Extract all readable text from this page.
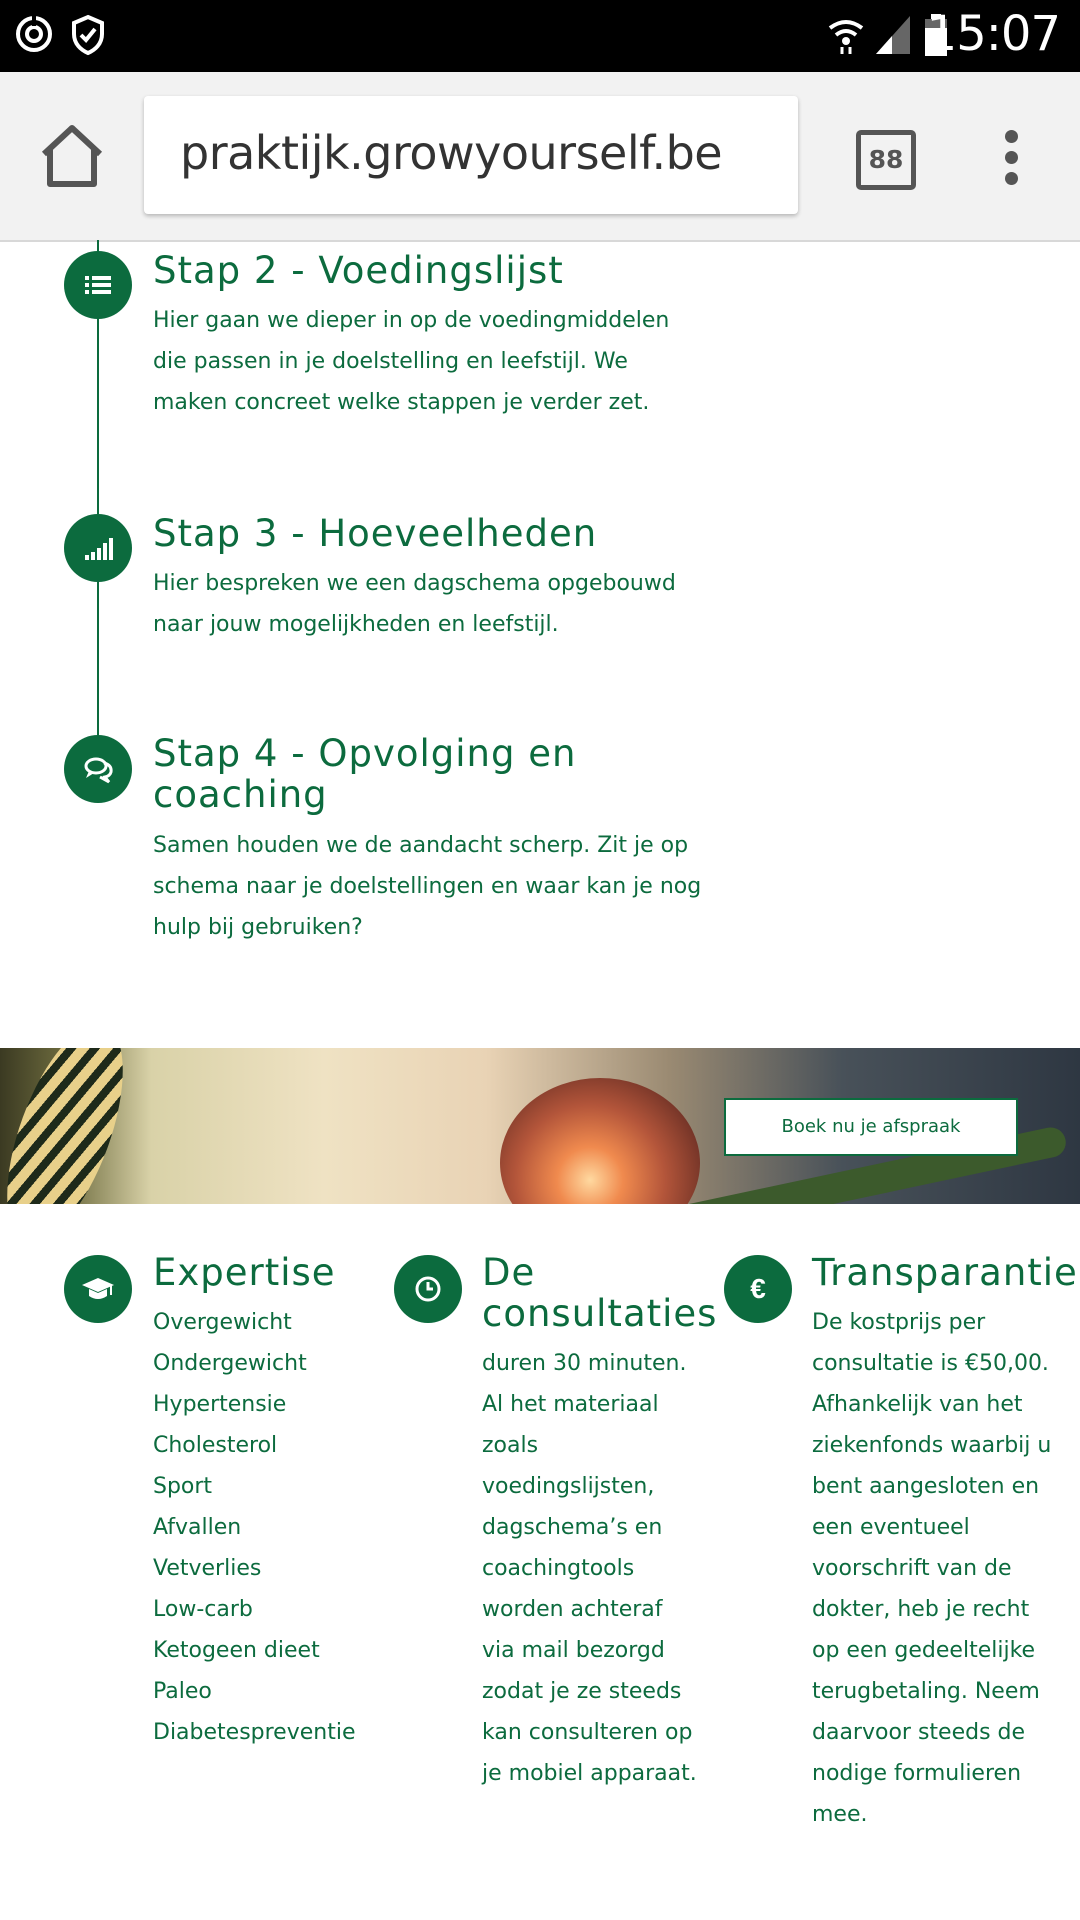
15:07
praktijk.growyourself.be	88
Stap 2 - Voedingslijst
Hier gaan we dieper in op de voedingmiddelen die passen in je doelstelling en leefstijl. We maken concreet welke stappen je verder zet.
Stap 3 - Hoeveelheden
Hier bespreken we een dagschema opgebouwd naar jouw mogelijkheden en leefstijl.
Stap 4 - Opvolging en
coaching
Samen houden we de aandacht scherp. Zit je op schema naar je doelstellingen en waar kan je nog hulp bij gebruiken?
Boek nu je afspraak
Expertise
Overgewicht
Ondergewicht
Hypertensie
Cholesterol
Sport
Afvallen
Vetverlies
Low-carb
Ketogeen dieet
Paleo
Diabetespreventie
De
consultaties
duren 30 minuten.
Al het materiaal
zoals
voedingslijsten,
dagschema’s en
coachingtools
worden achteraf
via mail bezorgd
zodat je ze steeds
kan consulteren op
je mobiel apparaat.
€	Transparantie
De kostprijs per
consultatie is €50,00.
Afhankelijk van het
ziekenfonds waarbij u
bent aangesloten en
een eventueel
voorschrift van de
dokter, heb je recht
op een gedeeltelijke
terugbetaling. Neem
daarvoor steeds de
nodige formulieren
mee.
